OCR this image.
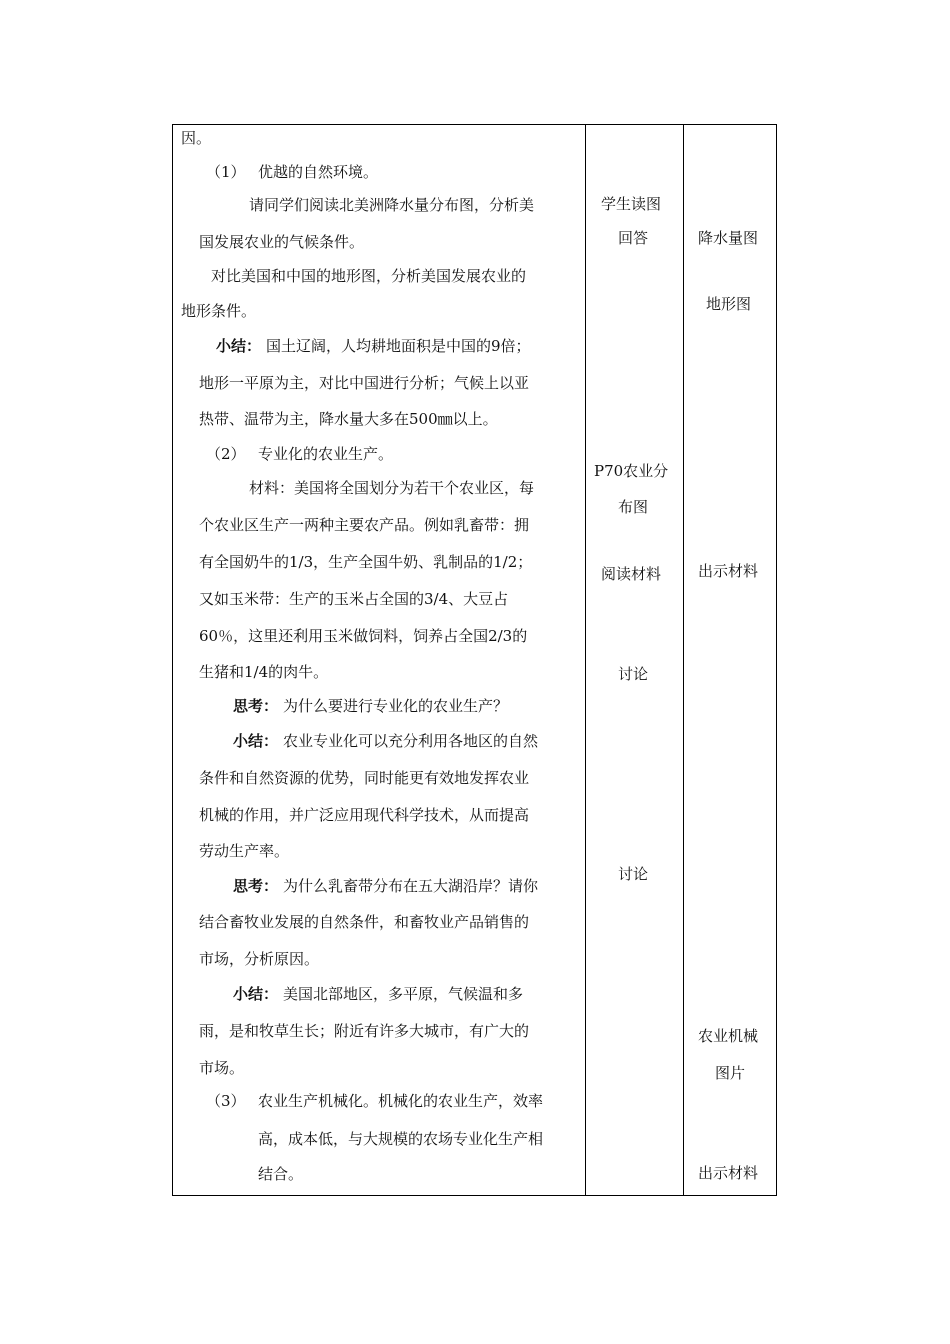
因。
（1） 优越的自然环境。
请同学们阅读北美洲降水量分布图，分析美
国发展农业的气候条件。
对比美国和中国的地形图，分析美国发展农业的
地形条件。
小结： 国土辽阔，人均耕地面积是中国的9倍；
地形一平原为主，对比中国进行分析；气候上以亚
热带、温带为主，降水量大多在500㎜以上。
（2） 专业化的农业生产。
材料：美国将全国划分为若干个农业区，每
个农业区生产一两种主要农产品。例如乳畜带：拥
有全国奶牛的1/3，生产全国牛奶、乳制品的1/2；
又如玉米带：生产的玉米占全国的3/4、大豆占
60％，这里还利用玉米做饲料，饲养占全国2/3的
生猪和1/4的肉牛。
思考： 为什么要进行专业化的农业生产？
小结： 农业专业化可以充分利用各地区的自然
条件和自然资源的优势，同时能更有效地发挥农业
机械的作用，并广泛应用现代科学技术，从而提高
劳动生产率。
思考： 为什么乳畜带分布在五大湖沿岸？请你
结合畜牧业发展的自然条件，和畜牧业产品销售的
市场，分析原因。
小结： 美国北部地区，多平原，气候温和多
雨，是和牧草生长；附近有许多大城市，有广大的
市场。
（3） 农业生产机械化。机械化的农业生产，效率
高，成本低，与大规模的农场专业化生产相
结合。
学生读图
回答
P70农业分
布图
阅读材料
讨论
讨论
降水量图
地形图
出示材料
农业机械
图片
出示材料
